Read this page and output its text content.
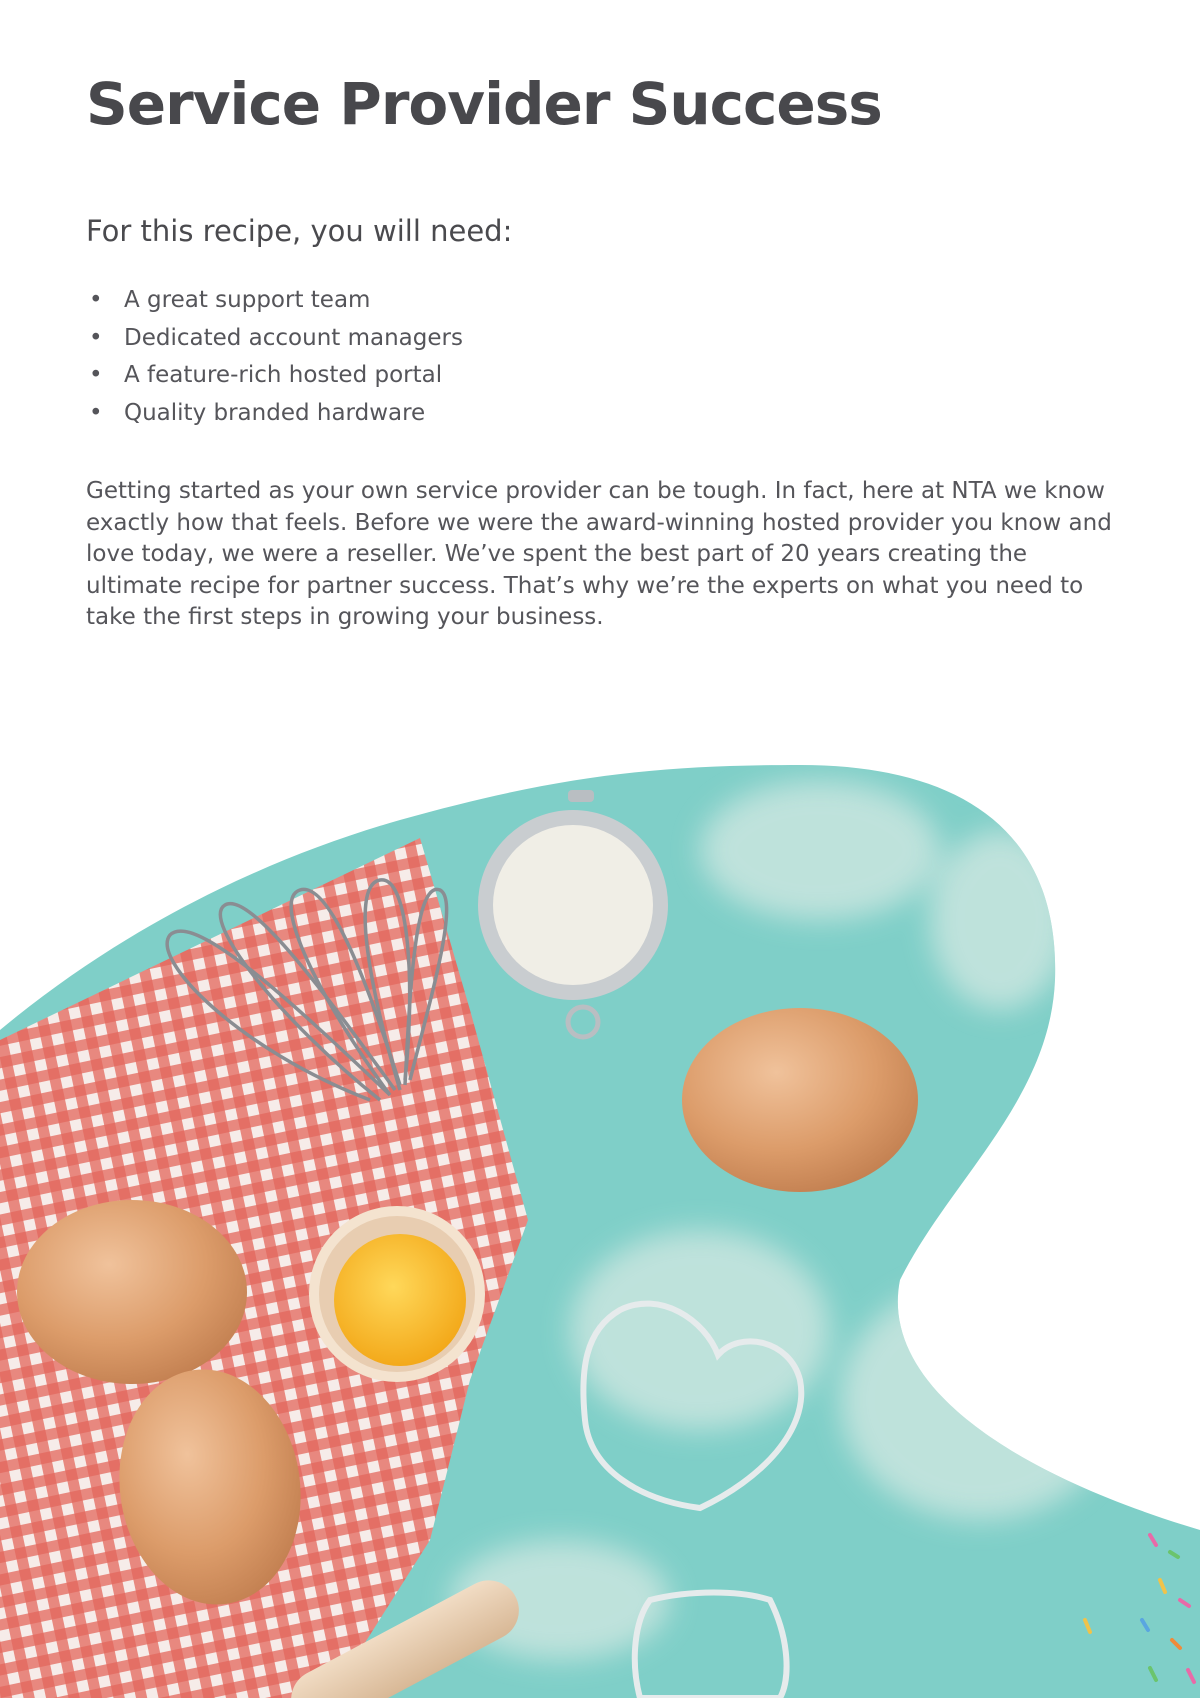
Service Provider Success
For this recipe, you will need:
• A great support team
• Dedicated account managers
• A feature-rich hosted portal
• Quality branded hardware

Getting started as your own service provider can be tough. In fact, here at NTA we know exactly how that feels. Before we were the award-winning hosted provider you know and love today, we were a reseller. We’ve spent the best part of 20 years creating the ultimate recipe for partner success. That’s why we’re the experts on what you need to take the first steps in growing your business.
